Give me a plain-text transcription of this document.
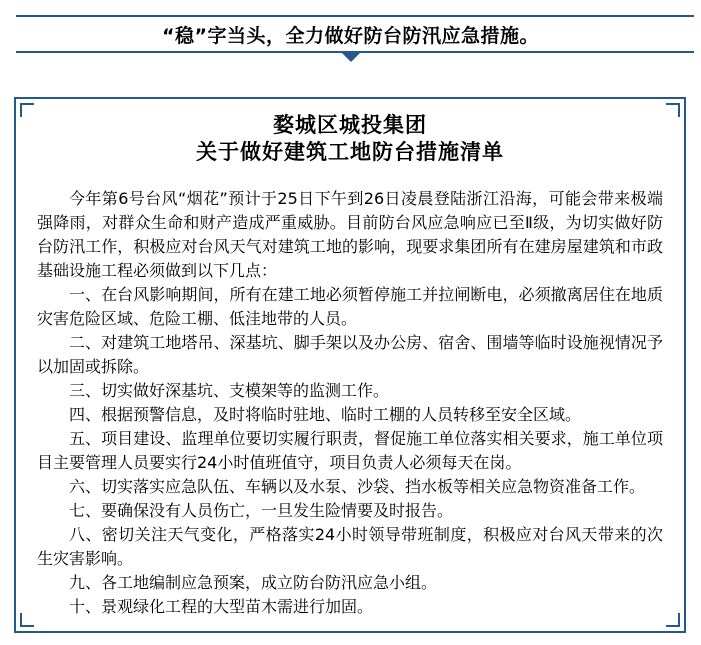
“稳”字当头，全力做好防台防汛应急措施。
婺城区城投集团
关于做好建筑工地防台措施清单

今年第6号台风“烟花”预计于25日下午到26日凌晨登陆浙江沿海，可能会带来极端强降雨，对群众生命和财产造成严重威胁。目前防台风应急响应已至Ⅱ级，为切实做好防台防汛工作，积极应对台风天气对建筑工地的影响，现要求集团所有在建房屋建筑和市政基础设施工程必须做到以下几点：

一、在台风影响期间，所有在建工地必须暂停施工并拉闸断电，必须撤离居住在地质灾害危险区域、危险工棚、低洼地带的人员。

二、对建筑工地塔吊、深基坑、脚手架以及办公房、宿舍、围墙等临时设施视情况予以加固或拆除。

三、切实做好深基坑、支模架等的监测工作。

四、根据预警信息，及时将临时驻地、临时工棚的人员转移至安全区域。

五、项目建设、监理单位要切实履行职责，督促施工单位落实相关要求，施工单位项目主要管理人员要实行24小时值班值守，项目负责人必须每天在岗。

六、切实落实应急队伍、车辆以及水泵、沙袋、挡水板等相关应急物资准备工作。

七、要确保没有人员伤亡，一旦发生险情要及时报告。

八、密切关注天气变化，严格落实24小时领导带班制度，积极应对台风天带来的次生灾害影响。

九、各工地编制应急预案，成立防台防汛应急小组。

十、景观绿化工程的大型苗木需进行加固。
